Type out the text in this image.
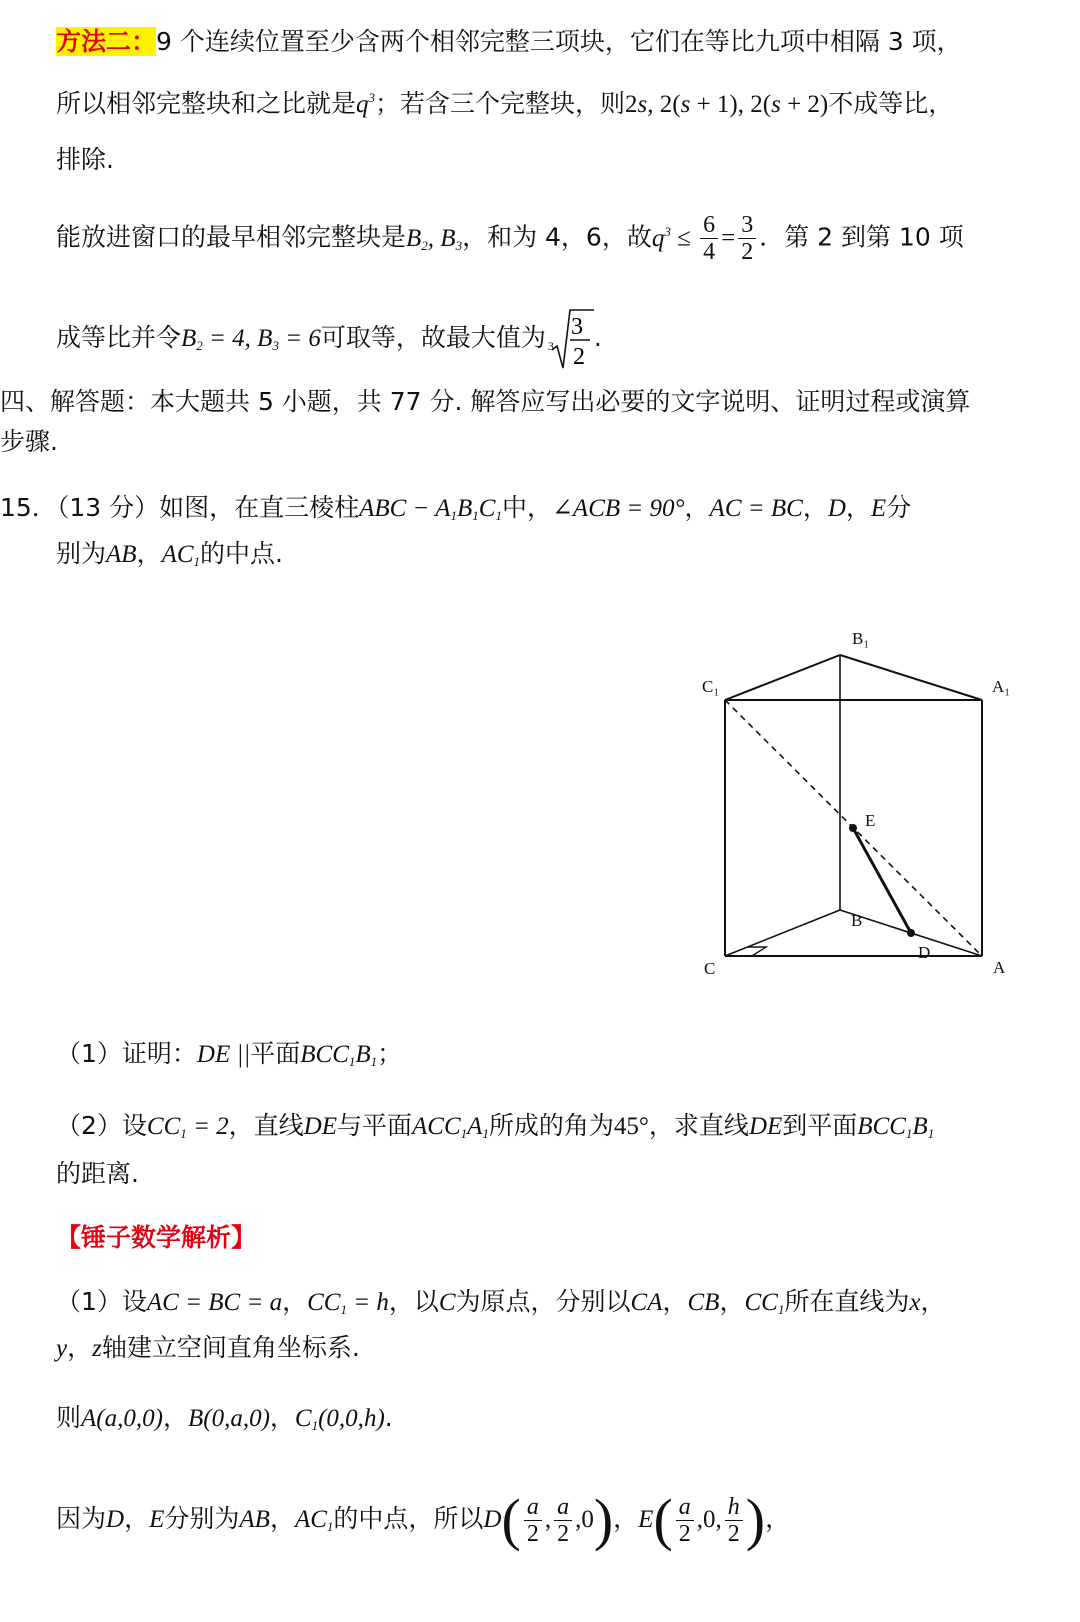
方法二：9 个连续位置至少含两个相邻完整三项块，它们在等比九项中相隔 3 项，
所以相邻完整块和之比就是$q^3$；若含三个完整块，则2s, 2(s + 1), 2(s + 2)不成等比，
排除.
能放进窗口的最早相邻完整块是$B_2$, $B_3$，和为 4，6，故$q^3 \le \frac{6}{4} = \frac{3}{2}$ ．第 2 到第 10 项
成等比并令$B_2 = 4$, $B_3 = 6$可取等，故最大值为 3
3
2
.
四、解答题：本大题共 5 小题，共 77 分. 解答应写出必要的文字说明、证明过程或演算
步骤.
15．（13 分）如图，在直三棱柱ABC − $A_1B_1C_1$中，∠ACB = 90°，AC = BC，D，E分
别为AB，$AC_1$的中点.
B₁
C₁	A₁
E
B
C
D
A
（1）证明：DE ||平面$BCC_1B_1$；
（2）设$CC_1 = 2$，直线DE与平面$ACC_1A_1$所成的角为45°，求直线DE到平面$BCC_1B_1$
的距离.
【锤子数学解析】
（1）设AC = BC = a，$CC_1 = h$，以C为原点，分别以CA，CB，$CC_1$所在直线为x，
y，z轴建立空间直角坐标系.
则A(a,0,0)，B(0,a,0)，$C_1(0,0,h)$.
因为D，E分别为AB，$AC_1$的中点，所以$D( \frac{a}{2}$ , $\frac{a}{2} ,0$)，$E( \frac{a}{2} ,0$, $\frac{h}{2}$ )，
